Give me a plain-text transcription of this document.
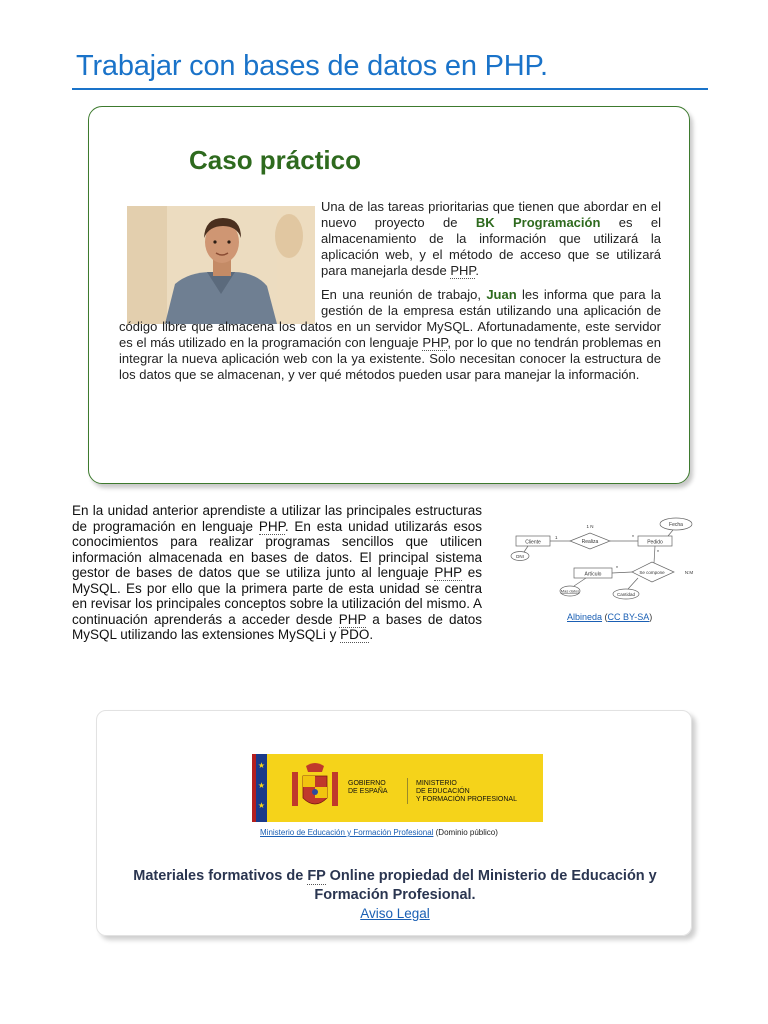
Trabajar con bases de datos en PHP.
Caso práctico

Una de las tareas prioritarias que tienen que abordar en el nuevo proyecto de BK Programación es el almacenamiento de la información que utilizará la aplicación web, y el método de acceso que se utilizará para manejarla desde PHP.

En una reunión de trabajo, Juan les informa que para la gestión de la empresa están utilizando una aplicación de código libre que almacena los datos en un servidor MySQL. Afortunadamente, este servidor es el más utilizado en la programación con lenguaje PHP, por lo que no tendrán problemas en integrar la nueva aplicación web con la ya existente. Solo necesitan conocer la estructura de los datos que se almacenan, y ver qué métodos pueden usar para manejar la información.

En la unidad anterior aprendiste a utilizar las principales estructuras de programación en lenguaje PHP. En esta unidad utilizarás esos conocimientos para realizar programas sencillos que utilicen información almacenada en bases de datos. El principal sistema gestor de bases de datos que se utiliza junto al lenguaje PHP es MySQL. Es por ello que la primera parte de esta unidad se centra en revisar los principales conceptos sobre la utilización del mismo. A continuación aprenderás a acceder desde PHP a bases de datos MySQL utilizando las extensiones MySQLi y PDO.

Cliente	Realiza	Pedido
Fecha
DNI
Artículo	Se compone
Cantidad
Mas datos
1 N
N:M
1	*
*
*
Albineda (CC BY-SA)
★
★
★
GOBIERNO
DE ESPAÑA
MINISTERIO
DE EDUCACIÓN
Y FORMACIÓN PROFESIONAL
Ministerio de Educación y Formación Profesional (Dominio público)

Materiales formativos de FP Online propiedad del Ministerio de Educación y Formación Profesional.

Aviso Legal
